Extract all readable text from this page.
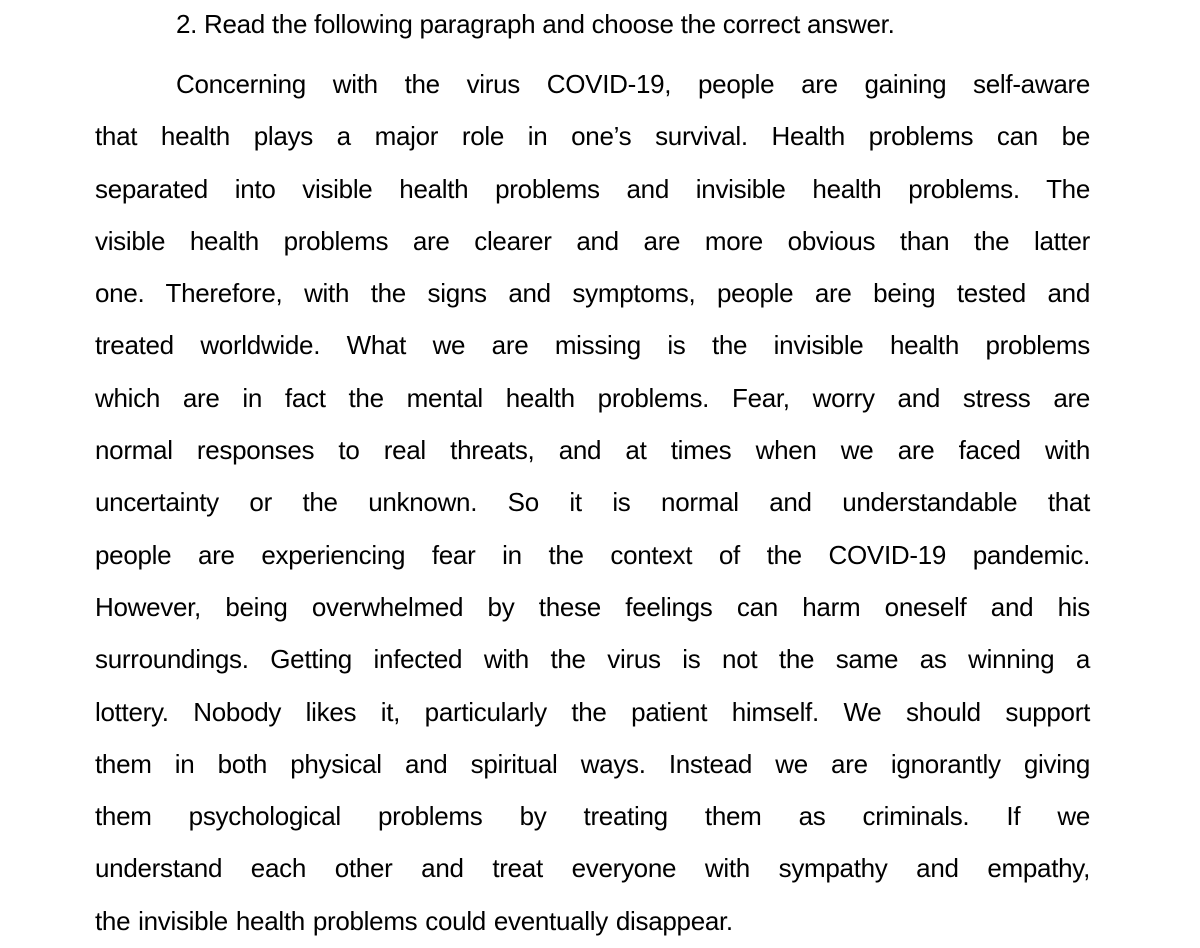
2. Read the following paragraph and choose the correct answer.
Concerning with the virus COVID-19, people are gaining self-aware
that health plays a major role in one’s survival. Health problems can be
separated into visible health problems and invisible health problems. The
visible health problems are clearer and are more obvious than the latter
one. Therefore, with the signs and symptoms, people are being tested and
treated worldwide. What we are missing is the invisible health problems
which are in fact the mental health problems. Fear, worry and stress are
normal responses to real threats, and at times when we are faced with
uncertainty or the unknown. So it is normal and understandable that
people are experiencing fear in the context of the COVID-19 pandemic.
However, being overwhelmed by these feelings can harm oneself and his
surroundings. Getting infected with the virus is not the same as winning a
lottery. Nobody likes it, particularly the patient himself. We should support
them in both physical and spiritual ways. Instead we are ignorantly giving
them psychological problems by treating them as criminals. If we
understand each other and treat everyone with sympathy and empathy,
the invisible health problems could eventually disappear.
